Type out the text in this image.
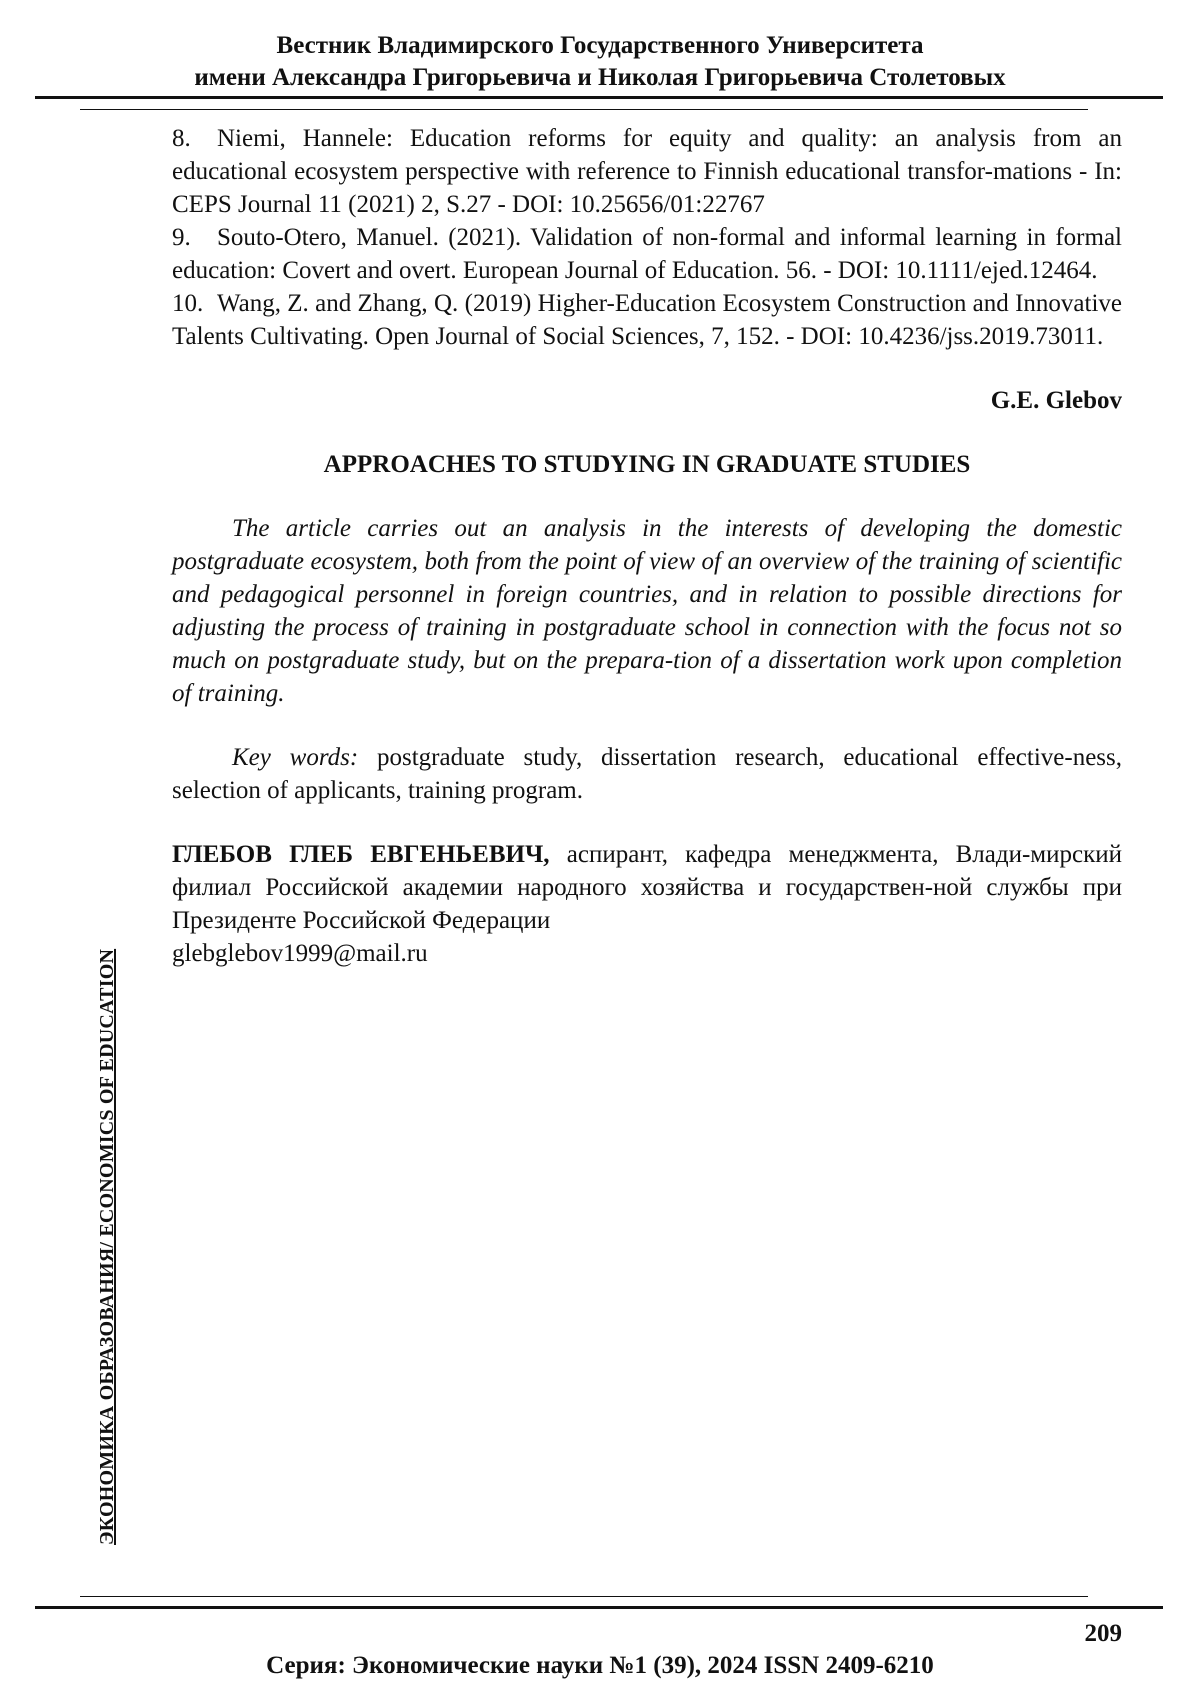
Вестник Владимирского Государственного Университета
имени Александра Григорьевича и Николая Григорьевича Столетовых

8. Niemi, Hannele: Education reforms for equity and quality: an analysis from an educational ecosystem perspective with reference to Finnish educational transfor-mations - In: CEPS Journal 11 (2021) 2, S.27 - DOI: 10.25656/01:22767

9. Souto-Otero, Manuel. (2021). Validation of non-formal and informal learning in formal education: Covert and overt. European Journal of Education. 56. - DOI: 10.1111/ejed.12464.

10. Wang, Z. and Zhang, Q. (2019) Higher-Education Ecosystem Construction and Innovative Talents Cultivating. Open Journal of Social Sciences, 7, 152. - DOI: 10.4236/jss.2019.73011.

G.E. Glebov
APPROACHES TO STUDYING IN GRADUATE STUDIES

The article carries out an analysis in the interests of developing the domestic postgraduate ecosystem, both from the point of view of an overview of the training of scientific and pedagogical personnel in foreign countries, and in relation to possible directions for adjusting the process of training in postgraduate school in connection with the focus not so much on postgraduate study, but on the prepara-tion of a dissertation work upon completion of training.

Key words: postgraduate study, dissertation research, educational effective-ness, selection of applicants, training program.

ГЛЕБОВ ГЛЕБ ЕВГЕНЬЕВИЧ, аспирант, кафедра менеджмента, Влади-мирский филиал Российской академии народного хозяйства и государствен-ной службы при Президенте Российской Федерации
glebglebov1999@mail.ru

ЭКОНОМИКА ОБРАЗОВАНИЯ/ ECONOMICS OF EDUCATION
209
Серия: Экономические науки №1 (39), 2024 ISSN 2409-6210
